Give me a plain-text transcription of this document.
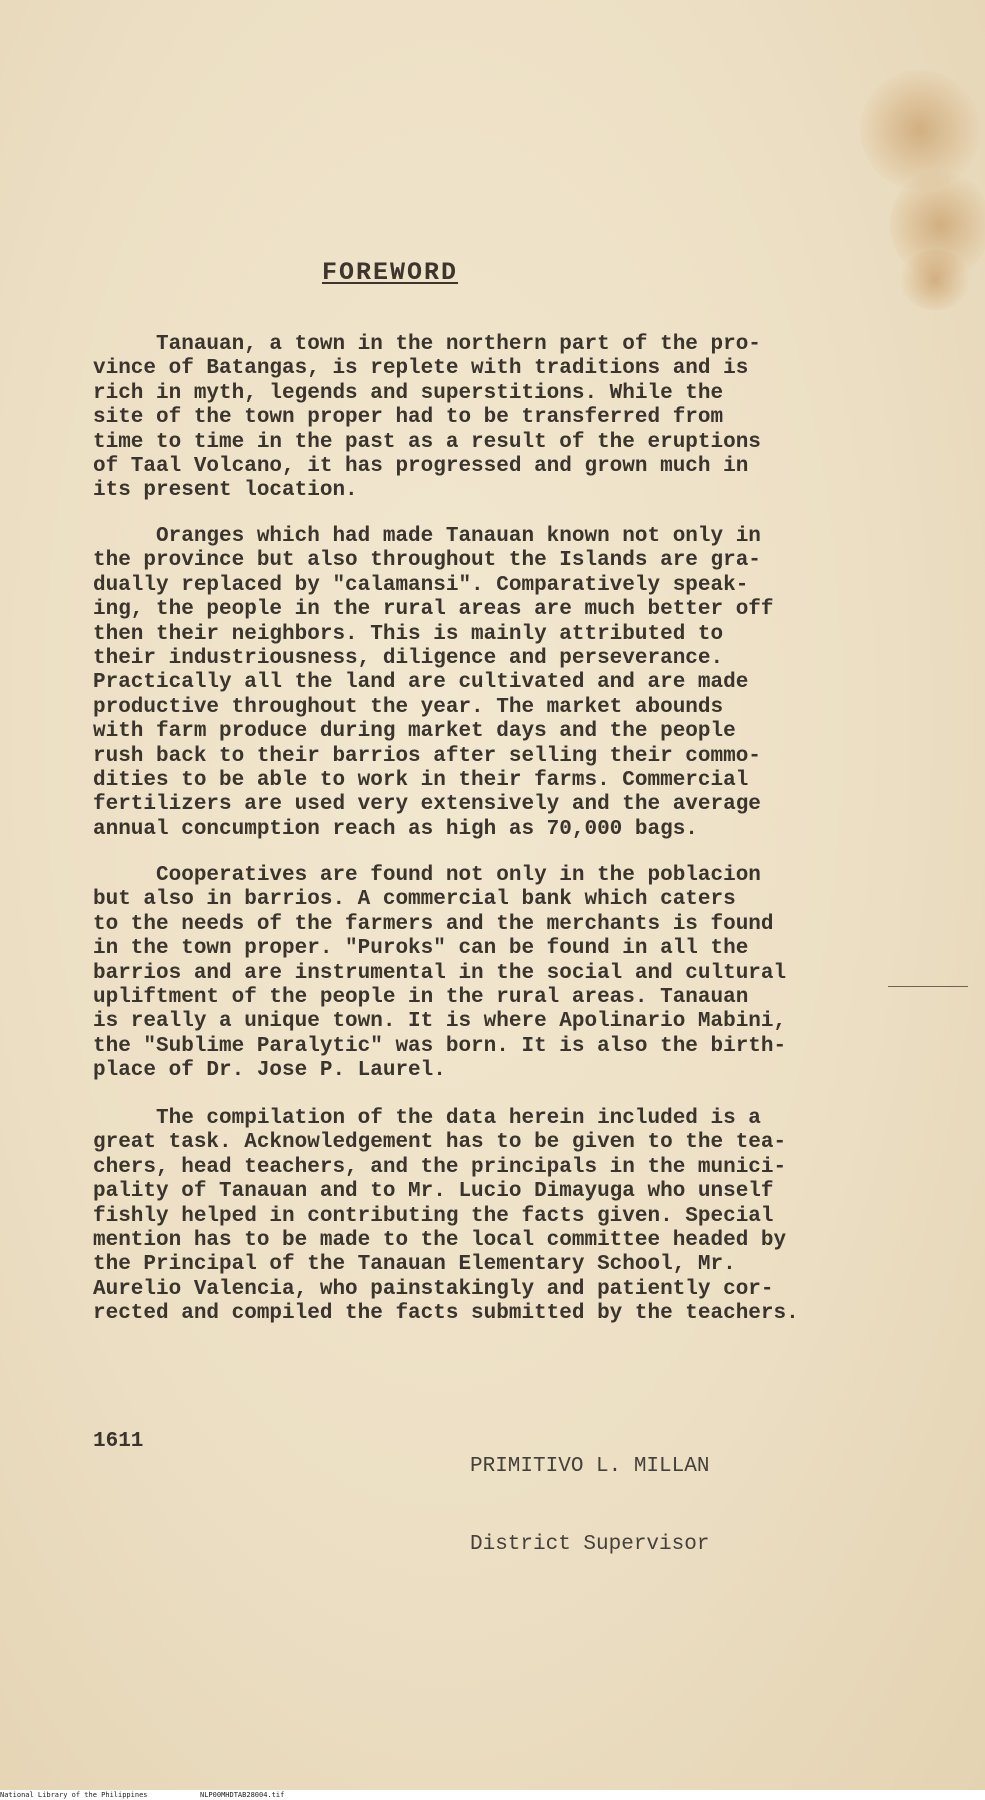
FOREWORD
Tanauan, a town in the northern part of the pro-
vince of Batangas, is replete with traditions and is
rich in myth, legends and superstitions. While the
site of the town proper had to be transferred from
time to time in the past as a result of the eruptions
of Taal Volcano, it has progressed and grown much in
its present location.
Oranges which had made Tanauan known not only in
the province but also throughout the Islands are gra-
dually replaced by "calamansi". Comparatively speak-
ing, the people in the rural areas are much better off
then their neighbors. This is mainly attributed to
their industriousness, diligence and perseverance.
Practically all the land are cultivated and are made
productive throughout the year. The market abounds
with farm produce during market days and the people
rush back to their barrios after selling their commo-
dities to be able to work in their farms. Commercial
fertilizers are used very extensively and the average
annual concumption reach as high as 70,000 bags.
Cooperatives are found not only in the poblacion
but also in barrios. A commercial bank which caters
to the needs of the farmers and the merchants is found
in the town proper. "Puroks" can be found in all the
barrios and are instrumental in the social and cultural
upliftment of the people in the rural areas. Tanauan
is really a unique town. It is where Apolinario Mabini,
the "Sublime Paralytic" was born. It is also the birth-
place of Dr. Jose P. Laurel.
The compilation of the data herein included is a
great task. Acknowledgement has to be given to the tea-
chers, head teachers, and the principals in the munici-
pality of Tanauan and to Mr. Lucio Dimayuga who unself
fishly helped in contributing the facts given. Special
mention has to be made to the local committee headed by
the Principal of the Tanauan Elementary School, Mr.
Aurelio Valencia, who painstakingly and patiently cor-
rected and compiled the facts submitted by the teachers.

PRIMITIVO L. MILLAN

District Supervisor

1611
National Library of the Philippines	NLP00MHDTAB28004.tif
